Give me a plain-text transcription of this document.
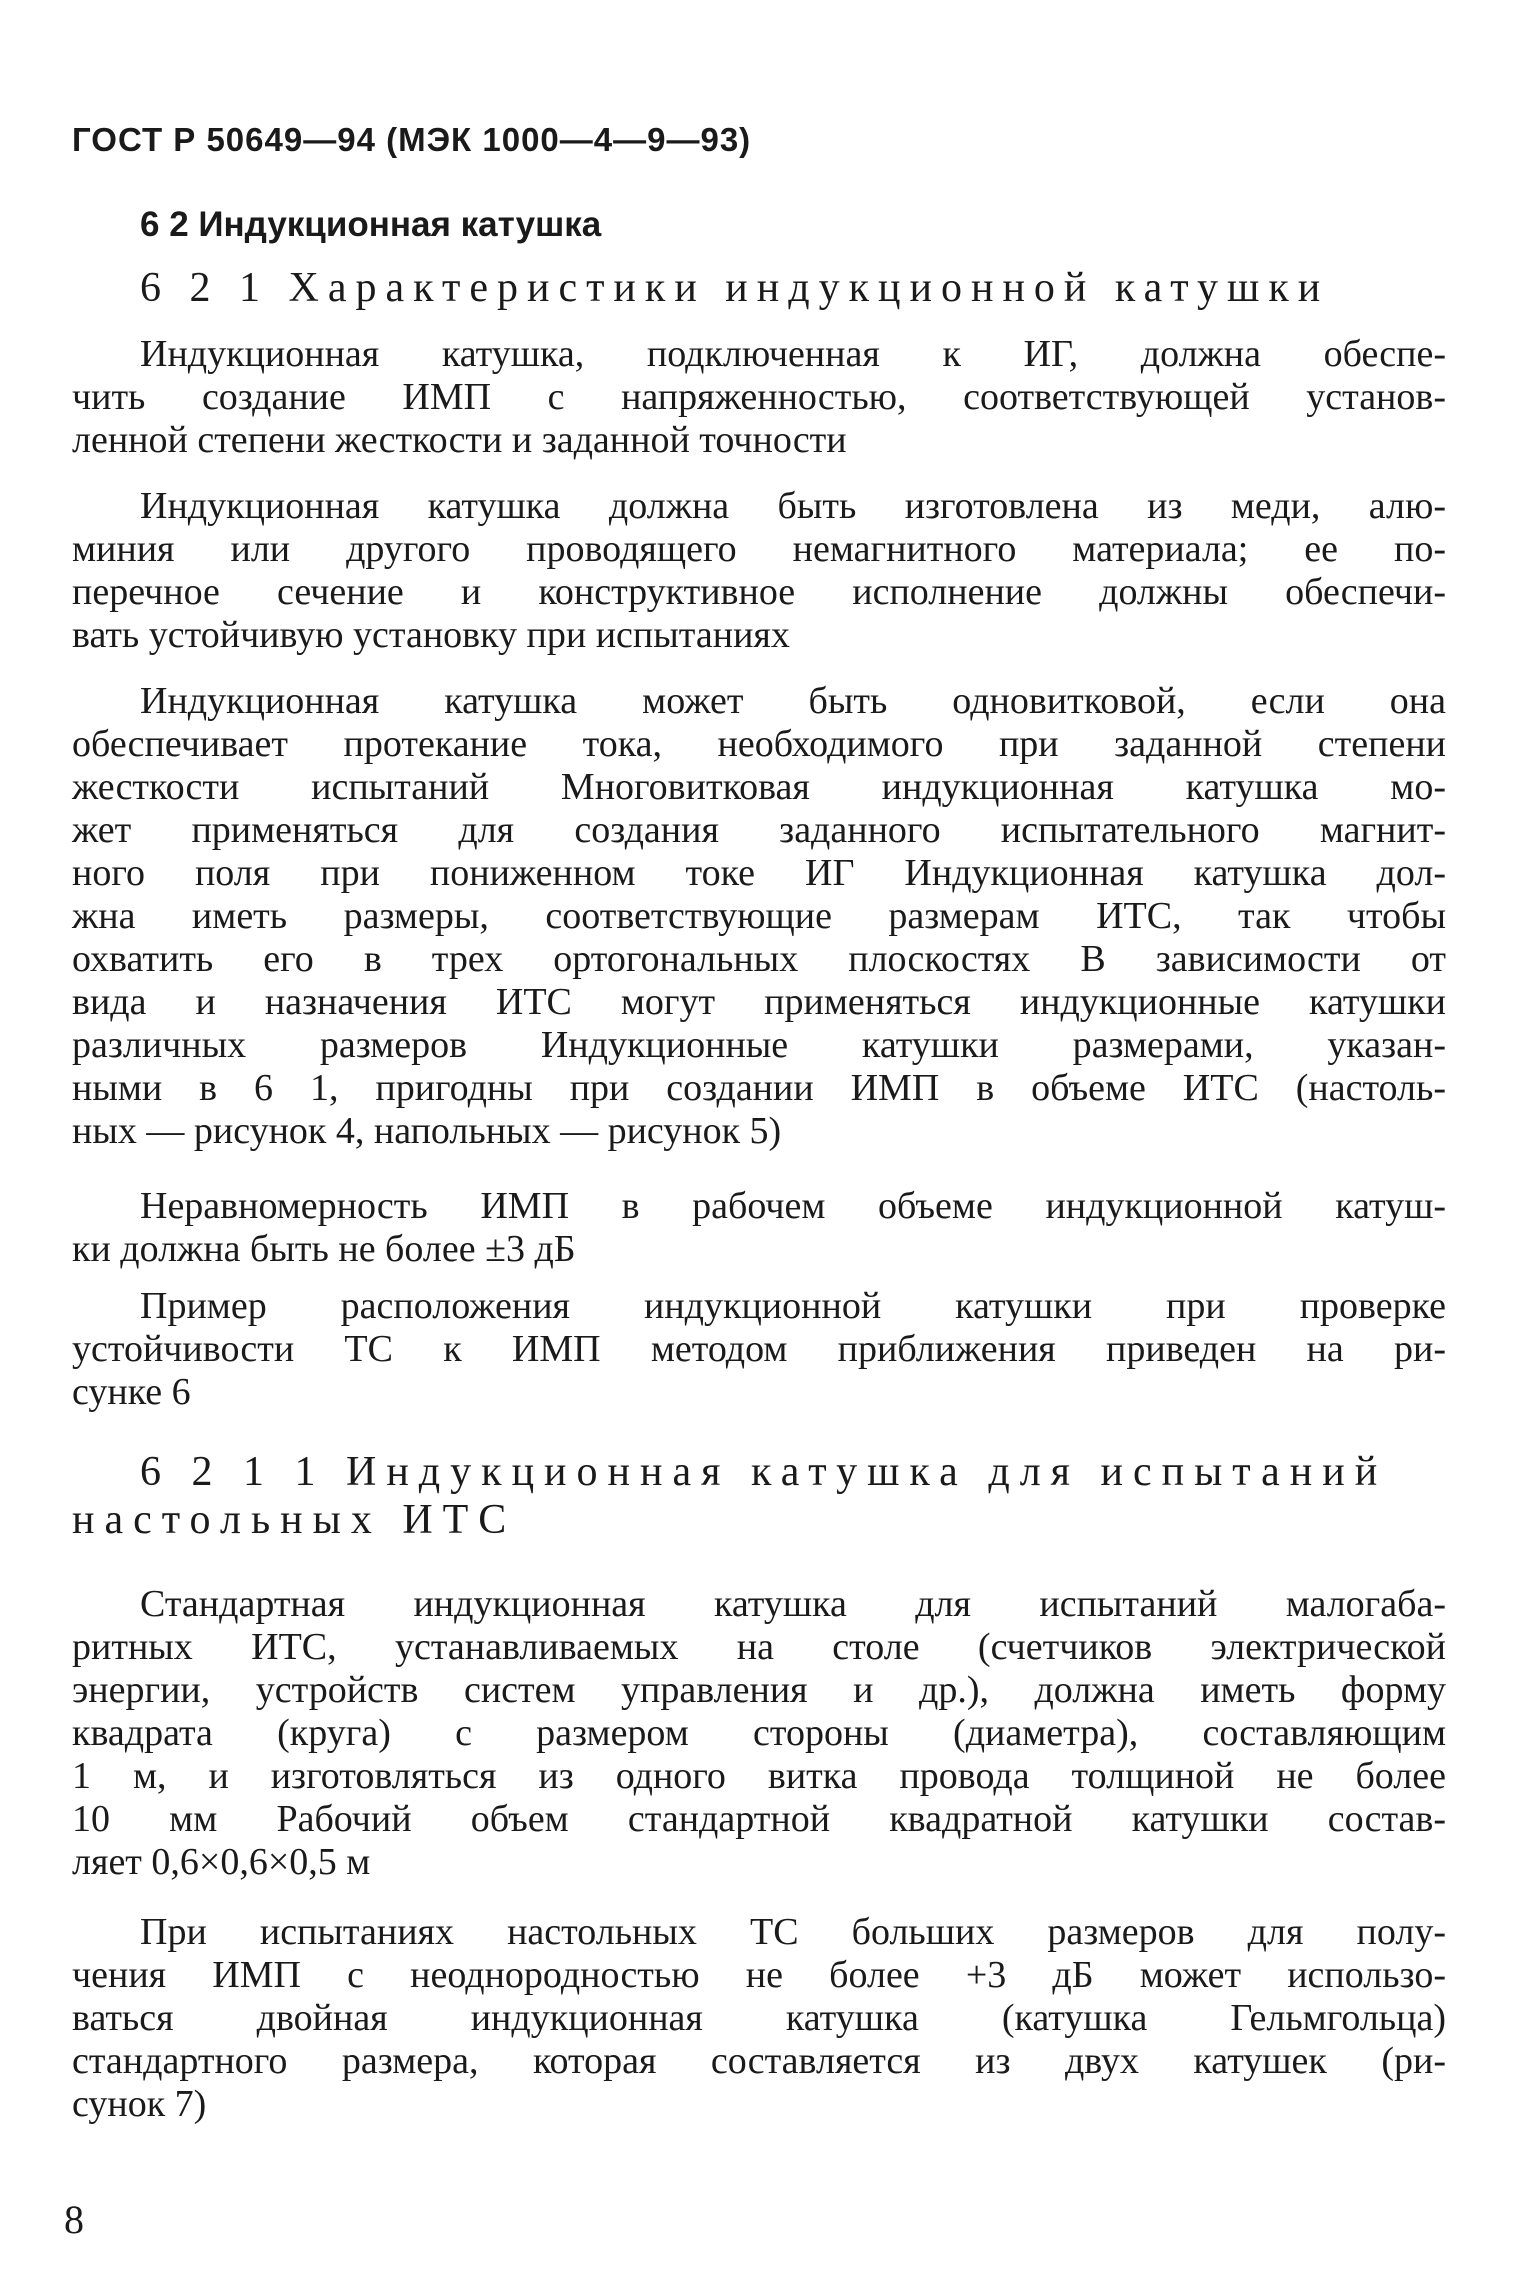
ГОСТ Р 50649—94 (МЭК 1000—4—9—93)
6 2 Индукционная катушка
6 2 1 Характеристики индукционной катушки
Индукционная катушка, подключенная к ИГ, должна обеспе-
чить создание ИМП с напряженностью, соответствующей установ-
ленной степени жесткости и заданной точности
Индукционная катушка должна быть изготовлена из меди, алю-
миния или другого проводящего немагнитного материала; ее по-
перечное сечение и конструктивное исполнение должны обеспечи-
вать устойчивую установку при испытаниях
Индукционная катушка может быть одновитковой, если она
обеспечивает протекание тока, необходимого при заданной степени
жесткости испытаний Многовитковая индукционная катушка мо-
жет применяться для создания заданного испытательного магнит-
ного поля при пониженном токе ИГ Индукционная катушка дол-
жна иметь размеры, соответствующие размерам ИТС, так чтобы
охватить его в трех ортогональных плоскостях В зависимости от
вида и назначения ИТС могут применяться индукционные катушки
различных размеров Индукционные катушки размерами, указан-
ными в 6 1, пригодны при создании ИМП в объеме ИТС (настоль-
ных — рисунок 4, напольных — рисунок 5)
Неравномерность ИМП в рабочем объеме индукционной катуш-
ки должна быть не более ±3 дБ
Пример расположения индукционной катушки при проверке
устойчивости ТС к ИМП методом приближения приведен на ри-
сунке 6
6 2 1 1 Индукционная катушка для испытаний
настольных ИТС
Стандартная индукционная катушка для испытаний малогаба-
ритных ИТС, устанавливаемых на столе (счетчиков электрической
энергии, устройств систем управления и др.), должна иметь форму
квадрата (круга) с размером стороны (диаметра), составляющим
1 м, и изготовляться из одного витка провода толщиной не более
10 мм Рабочий объем стандартной квадратной катушки состав-
ляет 0,6×0,6×0,5 м
При испытаниях настольных ТС больших размеров для полу-
чения ИМП с неоднородностью не более +3 дБ может использо-
ваться двойная индукционная катушка (катушка Гельмгольца)
стандартного размера, которая составляется из двух катушек (ри-
сунок 7)
8
